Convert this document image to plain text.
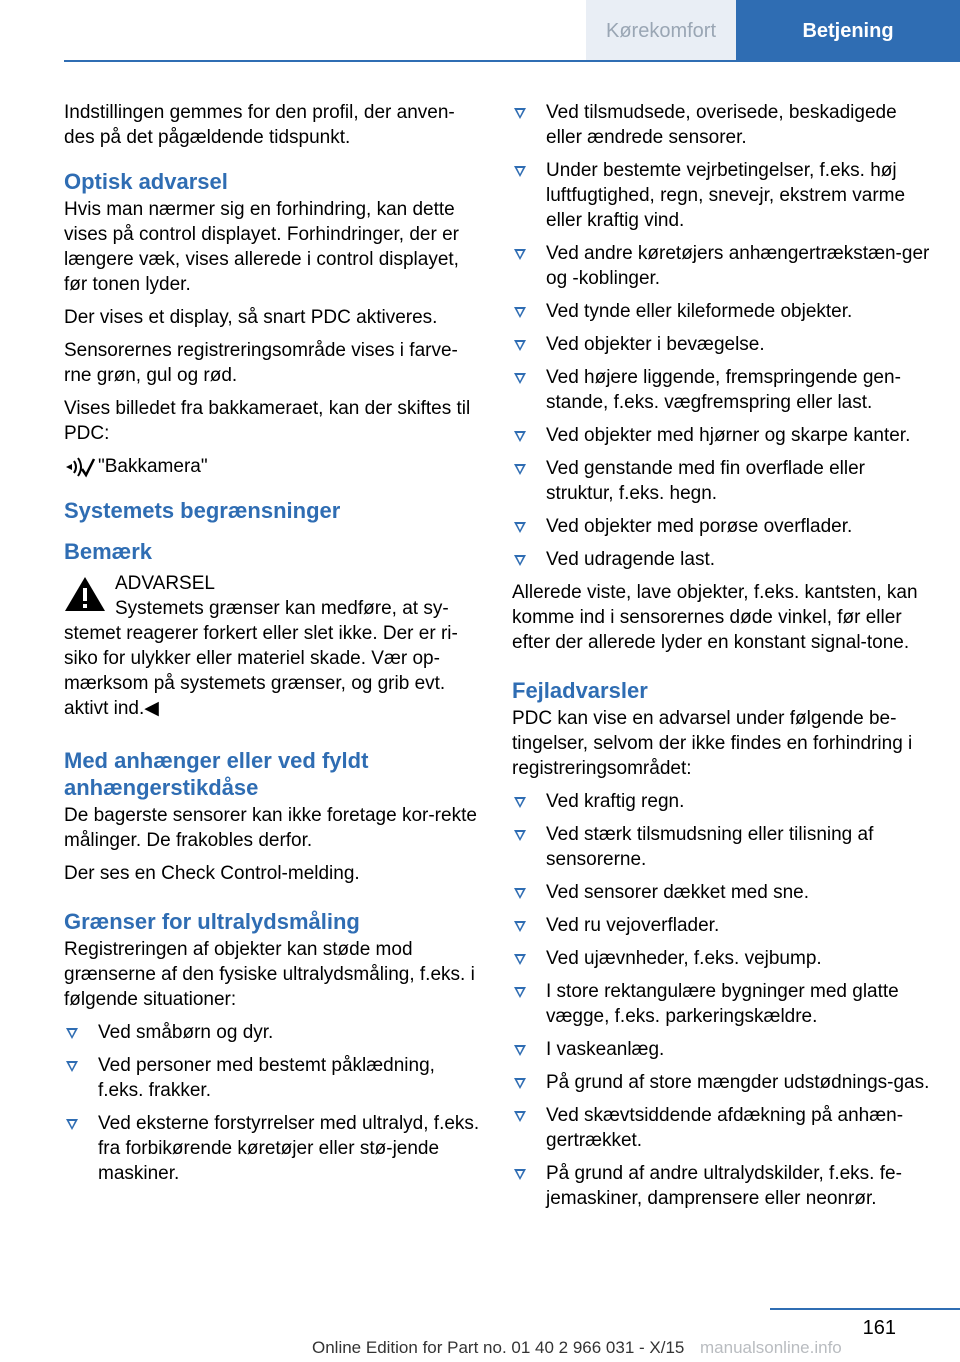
Kørekomfort	Betjening

Indstillingen gemmes for den profil, der anven-des på det pågældende tidspunkt.

Optisk advarsel

Hvis man nærmer sig en forhindring, kan dette vises på control displayet. Forhindringer, der er længere væk, vises allerede i control displayet, før tonen lyder.

Der vises et display, så snart PDC aktiveres.

Sensorernes registreringsområde vises i farve-rne grøn, gul og rød.

Vises billedet fra bakkameraet, kan der skiftes til PDC:

"Bakkamera"
Systemets begrænsninger
Bemærk
ADVARSEL
Systemets grænser kan medføre, at sy-
stemet reagerer forkert eller slet ikke. Der er ri-siko for ulykker eller materiel skade. Vær op-mærksom på systemets grænser, og grib evt. aktivt ind.◀
Med anhænger eller ved fyldt anhængerstikdåse

De bagerste sensorer kan ikke foretage kor-rekte målinger. De frakobles derfor.

Der ses en Check Control-melding.

Grænser for ultralydsmåling

Registreringen af objekter kan støde mod grænserne af den fysiske ultralydsmåling, f.eks. i følgende situationer:

Ved småbørn og dyr.
Ved personer med bestemt påklædning, f.eks. frakker.
Ved eksterne forstyrrelser med ultralyd, f.eks. fra forbikørende køretøjer eller stø-jende maskiner.
Ved tilsmudsede, overisede, beskadigede eller ændrede sensorer.
Under bestemte vejrbetingelser, f.eks. høj luftfugtighed, regn, snevejr, ekstrem varme eller kraftig vind.
Ved andre køretøjers anhængertrækstæn-ger og -koblinger.
Ved tynde eller kileformede objekter.
Ved objekter i bevægelse.
Ved højere liggende, fremspringende gen-stande, f.eks. vægfremspring eller last.
Ved objekter med hjørner og skarpe kanter.
Ved genstande med fin overflade eller struktur, f.eks. hegn.
Ved objekter med porøse overflader.
Ved udragende last.

Allerede viste, lave objekter, f.eks. kantsten, kan komme ind i sensorernes døde vinkel, før eller efter der allerede lyder en konstant signal-tone.

Fejladvarsler

PDC kan vise en advarsel under følgende be-tingelser, selvom der ikke findes en forhindring i registreringsområdet:

Ved kraftig regn.
Ved stærk tilsmudsning eller tilisning af sensorerne.
Ved sensorer dækket med sne.
Ved ru vejoverflader.
Ved ujævnheder, f.eks. vejbump.
I store rektangulære bygninger med glatte vægge, f.eks. parkeringskældre.
I vaskeanlæg.
På grund af store mængder udstødnings-gas.
Ved skævtsiddende afdækning på anhæn-gertrækket.
På grund af andre ultralydskilder, f.eks. fe-jemaskiner, damprensere eller neonrør.
161
Online Edition for Part no. 01 40 2 966 031 - X/15 manualsonline.info
